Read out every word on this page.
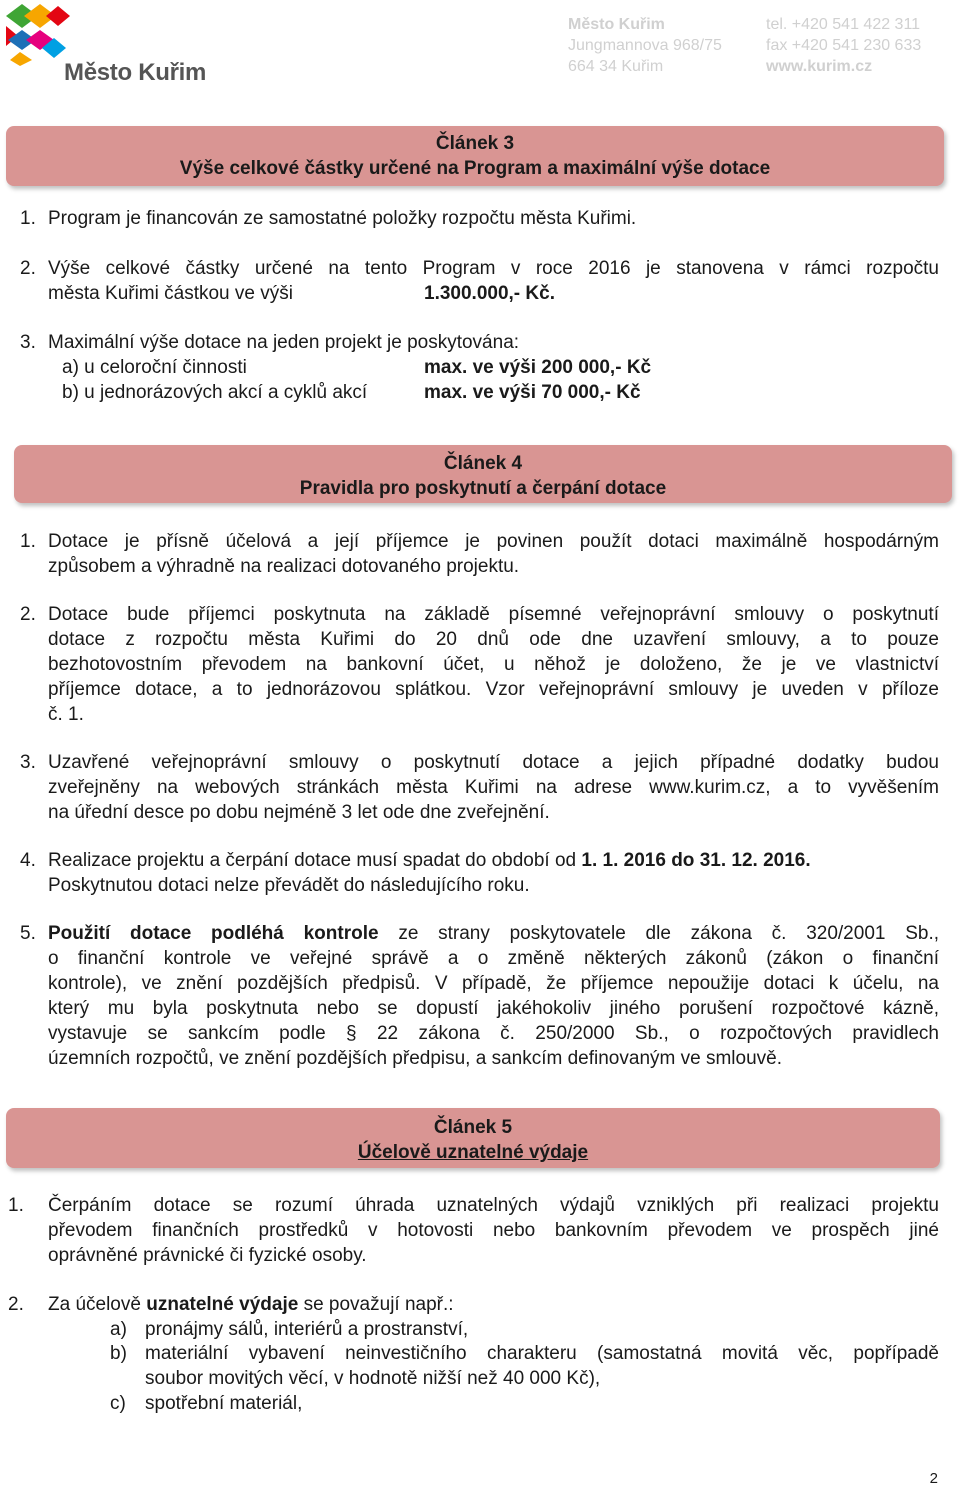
Město Kuřim
Město Kuřim
Jungmannova 968/75
664 34 Kuřim
tel. +420 541 422 311
fax +420 541 230 633
www.kurim.cz
Článek 3
Výše celkové částky určené na Program a maximální výše dotace
1. Program je financován ze samostatné položky rozpočtu města Kuřimi.
2. Výše celkové částky určené na tento Program v roce 2016 je stanovena v rámci rozpočtu
města Kuřimi částkou ve výši	1.300.000,- Kč.
3. Maximální výše dotace na jeden projekt je poskytována:
a) u celoroční činnosti	max. ve výši 200 000,- Kč
b) u jednorázových akcí a cyklů akcí	max. ve výši 70 000,- Kč
Článek 4
Pravidla pro poskytnutí a čerpání dotace
1. Dotace je přísně účelová a její příjemce je povinen použít dotaci maximálně hospodárným
způsobem a výhradně na realizaci dotovaného projektu.
2. Dotace bude příjemci poskytnuta na základě písemné veřejnoprávní smlouvy o poskytnutí
dotace z rozpočtu města Kuřimi do 20 dnů ode dne uzavření smlouvy, a to pouze
bezhotovostním převodem na bankovní účet, u něhož je doloženo, že je ve vlastnictví
příjemce dotace, a to jednorázovou splátkou. Vzor veřejnoprávní smlouvy je uveden v příloze
č. 1.
3. Uzavřené veřejnoprávní smlouvy o poskytnutí dotace a jejich případné dodatky budou
zveřejněny na webových stránkách města Kuřimi na adrese www.kurim.cz, a to vyvěšením
na úřední desce po dobu nejméně 3 let ode dne zveřejnění.
4. Realizace projektu a čerpání dotace musí spadat do období od 1. 1. 2016 do 31. 12. 2016.
Poskytnutou dotaci nelze převádět do následujícího roku.
5. Použití dotace podléhá kontrole ze strany poskytovatele dle zákona č. 320/2001 Sb.,
o finanční kontrole ve veřejné správě a o změně některých zákonů (zákon o finanční
kontrole), ve znění pozdějších předpisů. V případě, že příjemce nepoužije dotaci k účelu, na
který mu byla poskytnuta nebo se dopustí jakéhokoliv jiného porušení rozpočtové kázně,
vystavuje se sankcím podle § 22 zákona č. 250/2000 Sb., o rozpočtových pravidlech
územních rozpočtů, ve znění pozdějších předpisu, a sankcím definovaným ve smlouvě.
Článek 5
Účelově uznatelné výdaje
1. Čerpáním dotace se rozumí úhrada uznatelných výdajů vzniklých při realizaci projektu
převodem finančních prostředků v hotovosti nebo bankovním převodem ve prospěch jiné
oprávněné právnické či fyzické osoby.
2. Za účelově uznatelné výdaje se považují např.:
a) pronájmy sálů, interiérů a prostranství,
b) materiální vybavení neinvestičního charakteru (samostatná movitá věc, popřípadě
soubor movitých věcí, v hodnotě nižší než 40 000 Kč),
c) spotřební materiál,
2
